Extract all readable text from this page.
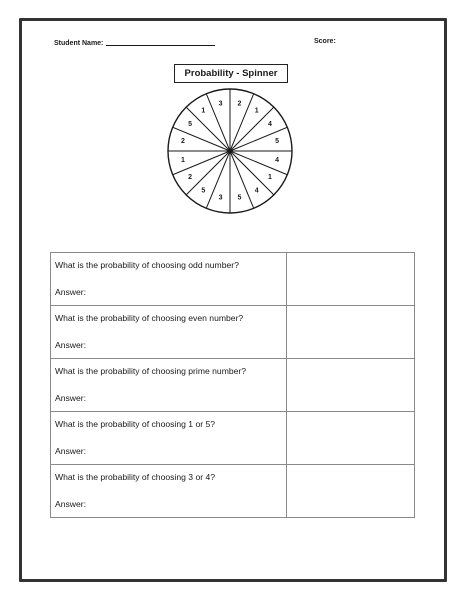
Student Name:	Score:
Probability - Spinner
2
1
4
5
4
1
4
5
3
5
2
1
2
5
1
3
What is the probability of choosing odd number?
Answer:	

What is the probability of choosing even number?
Answer:	

What is the probability of choosing prime number?
Answer:	

What is the probability of choosing 1 or 5?
Answer:	

What is the probability of choosing 3 or 4?
Answer:	
